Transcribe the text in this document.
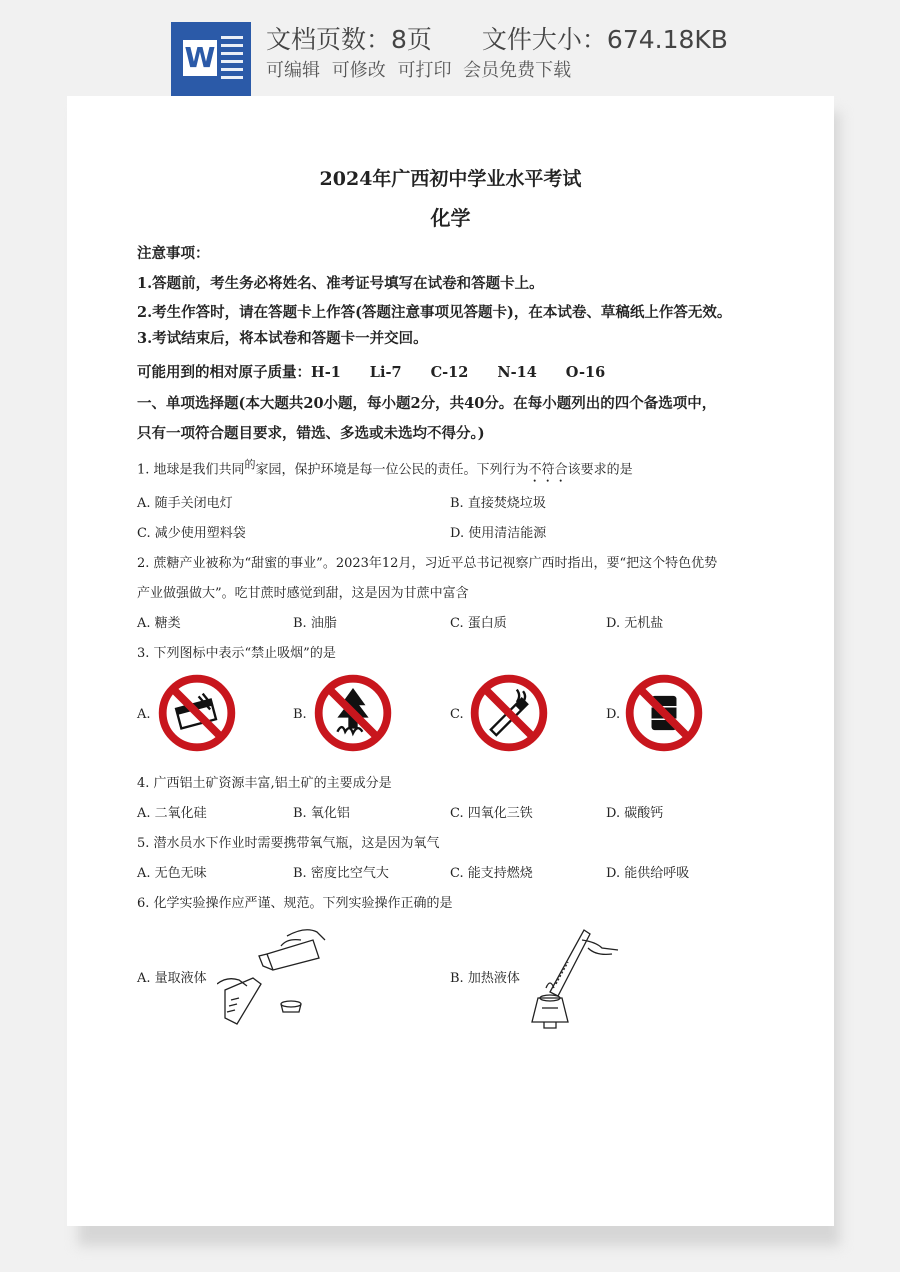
W
文档页数：8页　　文件大小：674.18KB
可编辑 可修改 可打印 会员免费下载
2024年广西初中学业水平考试
化学
注意事项：
1.答题前，考生务必将姓名、准考证号填写在试卷和答题卡上。
2.考生作答时，请在答题卡上作答(答题注意事项见答题卡)，在本试卷、草稿纸上作答无效。
3.考试结束后，将本试卷和答题卡一并交回。
可能用到的相对原子质量：H-1　　Li-7　　C-12　　N-14　　O-16
一、单项选择题(本大题共20小题，每小题2分，共40分。在每小题列出的四个备选项中，
只有一项符合题目要求，错选、多选或未选均不得分。)
1. 地球是我们共同$^的$家园，保护环境是每一位公民的责任。下列行为不符合该要求的是
A. 随手关闭电灯	B. 直接焚烧垃圾
C. 减少使用塑料袋	D. 使用清洁能源
2. 蔗糖产业被称为“甜蜜的事业”。2023年12月，习近平总书记视察广西时指出，要“把这个特色优势
产业做强做大”。吃甘蔗时感觉到甜，这是因为甘蔗中富含
A. 糖类	B. 油脂	C. 蛋白质	D. 无机盐
3. 下列图标中表示“禁止吸烟”的是
A.	B.	C.	D.
4. 广西铝土矿资源丰富,铝土矿的主要成分是
A. 二氧化硅	B. 氧化铝	C. 四氧化三铁	D. 碳酸钙
5. 潜水员水下作业时需要携带氧气瓶，这是因为氧气
A. 无色无味	B. 密度比空气大	C. 能支持燃烧	D. 能供给呼吸
6. 化学实验操作应严谨、规范。下列实验操作正确的是
A. 量取液体	B. 加热液体
